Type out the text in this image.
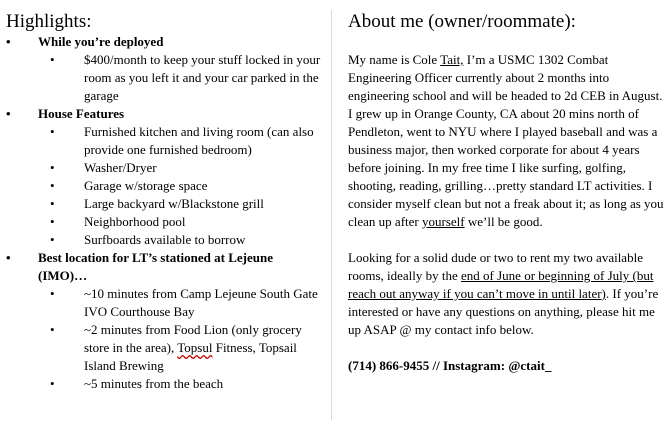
Highlights:
• While you’re deployed
• $400/month to keep your stuff locked in your room as you left it and your car parked in the garage
• House Features
• Furnished kitchen and living room (can also provide one furnished bedroom)
• Washer/Dryer
• Garage w/storage space
• Large backyard w/Blackstone grill
• Neighborhood pool
• Surfboards available to borrow
• Best location for LT’s stationed at Lejeune (IMO)…
• ~10 minutes from Camp Lejeune South Gate IVO Courthouse Bay
• ~2 minutes from Food Lion (only grocery store in the area), Topsul Fitness, Topsail Island Brewing
• ~5 minutes from the beach
About me (owner/roommate):

My name is Cole Tait, I’m a USMC 1302 Combat Engineering Officer currently about 2 months into engineering school and will be headed to 2d CEB in August. I grew up in Orange County, CA about 20 mins north of Pendleton, went to NYU where I played baseball and was a business major, then worked corporate for about 4 years before joining. In my free time I like surfing, golfing, shooting, reading, grilling…pretty standard LT activities. I consider myself clean but not a freak about it; as long as you clean up after yourself we’ll be good.

Looking for a solid dude or two to rent my two available rooms, ideally by the end of June or beginning of July (but reach out anyway if you can’t move in until later). If you’re interested or have any questions on anything, please hit me up ASAP @ my contact info below.

(714) 866-9455 // Instagram: @ctait_
